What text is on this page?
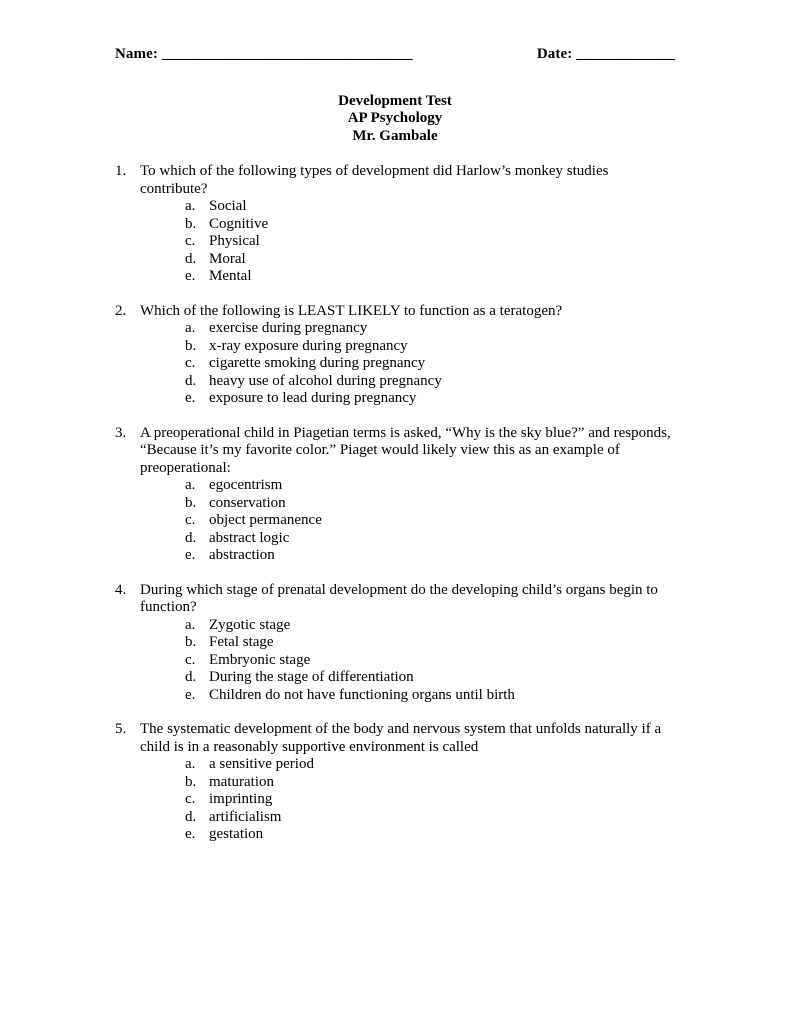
Name: _________________________________	Date: _____________
Development Test
AP Psychology
Mr. Gambale
1. To which of the following types of development did Harlow’s monkey studies contribute?
a. Social
b. Cognitive
c. Physical
d. Moral
e. Mental
2. Which of the following is LEAST LIKELY to function as a teratogen?
a. exercise during pregnancy
b. x-ray exposure during pregnancy
c. cigarette smoking during pregnancy
d. heavy use of alcohol during pregnancy
e. exposure to lead during pregnancy
3. A preoperational child in Piagetian terms is asked, “Why is the sky blue?” and responds, “Because it’s my favorite color.” Piaget would likely view this as an example of preoperational:
a. egocentrism
b. conservation
c. object permanence
d. abstract logic
e. abstraction
4. During which stage of prenatal development do the developing child’s organs begin to function?
a. Zygotic stage
b. Fetal stage
c. Embryonic stage
d. During the stage of differentiation
e. Children do not have functioning organs until birth
5. The systematic development of the body and nervous system that unfolds naturally if a child is in a reasonably supportive environment is called
a. a sensitive period
b. maturation
c. imprinting
d. artificialism
e. gestation
